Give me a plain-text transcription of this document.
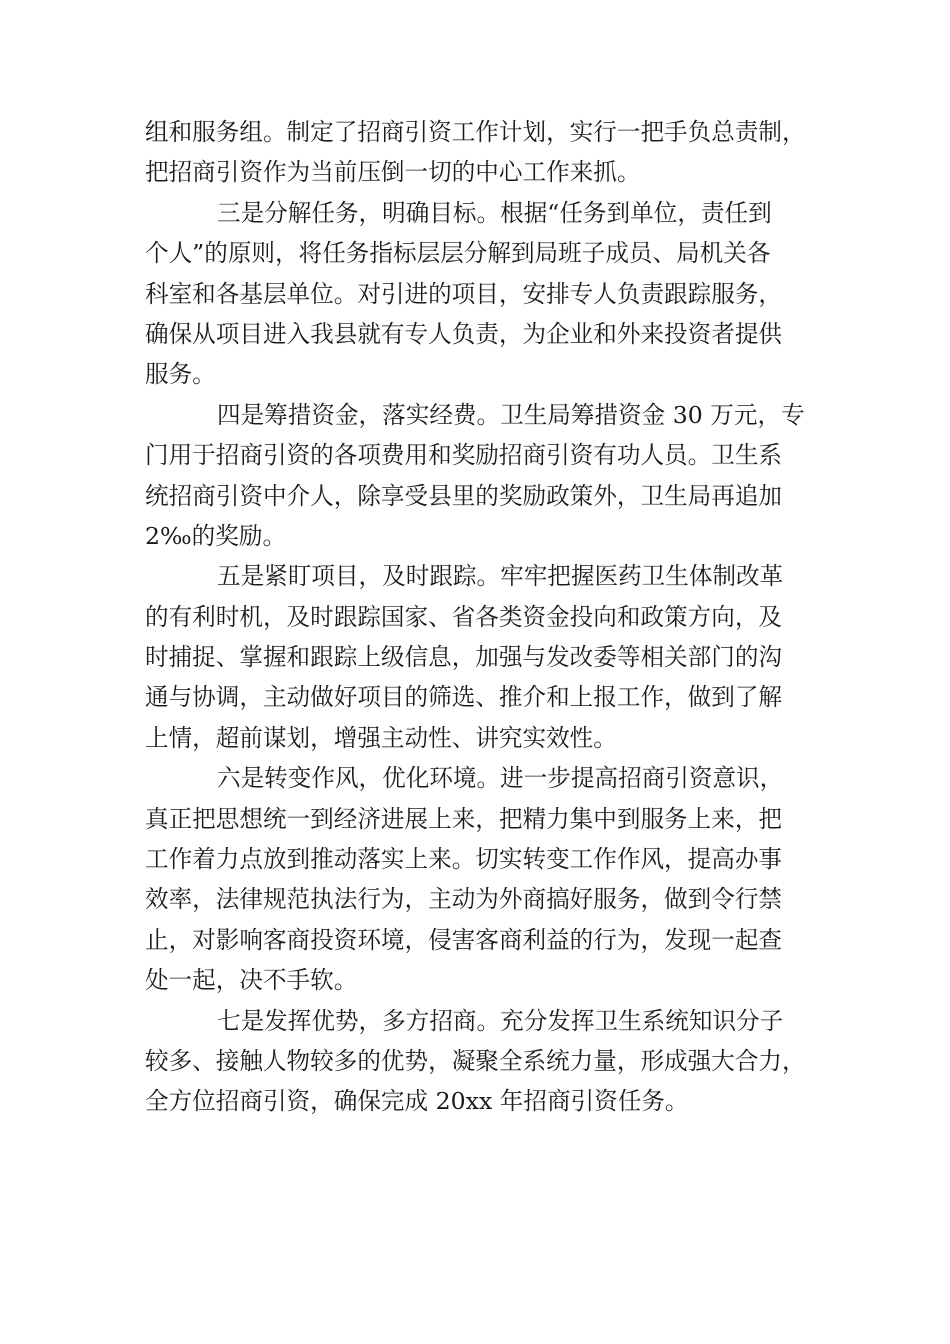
组和服务组。制定了招商引资工作计划，实行一把手负总责制，
把招商引资作为当前压倒一切的中心工作来抓。
三是分解任务，明确目标。根据“任务到单位，责任到
个人”的原则，将任务指标层层分解到局班子成员、局机关各
科室和各基层单位。对引进的项目，安排专人负责跟踪服务，
确保从项目进入我县就有专人负责，为企业和外来投资者提供
服务。
四是筹措资金，落实经费。卫生局筹措资金 30 万元，专
门用于招商引资的各项费用和奖励招商引资有功人员。卫生系
统招商引资中介人，除享受县里的奖励政策外，卫生局再追加
2‰的奖励。
五是紧盯项目，及时跟踪。牢牢把握医药卫生体制改革
的有利时机，及时跟踪国家、省各类资金投向和政策方向，及
时捕捉、掌握和跟踪上级信息，加强与发改委等相关部门的沟
通与协调，主动做好项目的筛选、推介和上报工作，做到了解
上情，超前谋划，增强主动性、讲究实效性。
六是转变作风，优化环境。进一步提高招商引资意识，
真正把思想统一到经济进展上来，把精力集中到服务上来，把
工作着力点放到推动落实上来。切实转变工作作风，提高办事
效率，法律规范执法行为，主动为外商搞好服务，做到令行禁
止，对影响客商投资环境，侵害客商利益的行为，发现一起查
处一起，决不手软。
七是发挥优势，多方招商。充分发挥卫生系统知识分子
较多、接触人物较多的优势，凝聚全系统力量，形成强大合力，
全方位招商引资，确保完成 20xx 年招商引资任务。
